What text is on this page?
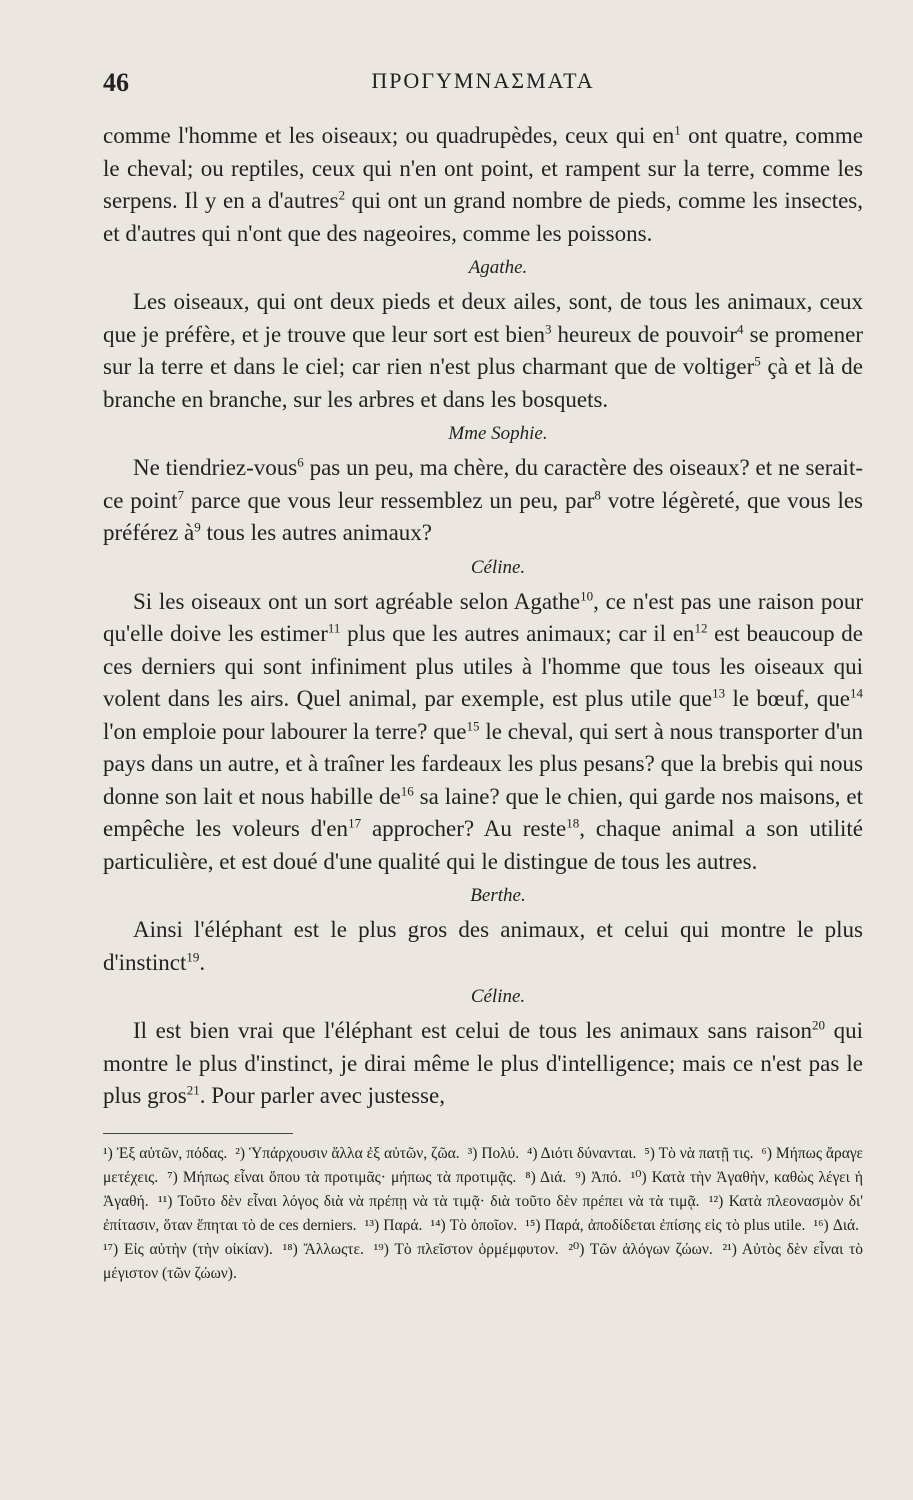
46	ΠΡΟΓΥΜΝΑΣΜΑΤΑ

comme l'homme et les oiseaux; ou quadrupèdes, ceux qui $en^1$ ont quatre, comme le cheval; ou reptiles, ceux qui n'en ont point, et rampent sur la terre, comme les serpens. Il y en a d'autres$^2$ qui ont un grand nombre de pieds, comme les insectes, et d'autres qui n'ont que des nageoires, comme les poissons.

Agathe.

Les oiseaux, qui ont deux pieds et deux ailes, sont, de tous les animaux, ceux que je préfère, et je trouve que leur sort est bien$^3$ heureux de pouvoir$^4$ se promener sur la terre et dans le ciel; car rien n'est plus charmant que de voltiger$^5$ çà et là de branche en branche, sur les arbres et dans les bosquets.

Mme Sophie.

Ne tiendriez-vous$^6$ pas un peu, ma chère, du caractère des oiseaux? et ne serait-ce point$^7$ parce que vous leur ressemblez un peu, par$^8$ votre légèreté, que vous les préférez $à^9$ tous les autres animaux?

Céline.

Si les oiseaux ont un sort agréable selon Agathe$^{10}$, ce n'est pas une raison pour qu'elle doive les estimer$^{11}$ plus que les autres animaux; car il $en^{12}$ est beaucoup de ces derniers qui sont infiniment plus utiles à l'homme que tous les oiseaux qui volent dans les airs. Quel animal, par exemple, est plus utile que$^{13}$ le bœuf, que$^{14}$ l'on emploie pour labourer la terre? que$^{15}$ le cheval, qui sert à nous transporter d'un pays dans un autre, et à traîner les fardeaux les plus pesans? que la brebis qui nous donne son lait et nous habille $de^{16}$ sa laine? que le chien, qui garde nos maisons, et empêche les voleurs $d'en^{17}$ approcher? Au reste$^{18}$, chaque animal a son utilité particulière, et est doué d'une qualité qui le distingue de tous les autres.

Berthe.

Ainsi l'éléphant est le plus gros des animaux, et celui qui montre le plus d'instinct$^{19}$.

Céline.

Il est bien vrai que l'éléphant est celui de tous les animaux sans raison$^{20}$ qui montre le plus d'instinct, je dirai même le plus d'intelligence; mais ce n'est pas le plus gros$^{21}$. Pour parler avec justesse,

¹) Ἐξ αὐτῶν, πόδας. ²) Ὑπάρχουσιν ἄλλα ἐξ αὐτῶν, ζῶα. ³) Πολύ. ⁴) Διότι δύνανται. ⁵) Τὸ νὰ πατῇ τις. ⁶) Μήπως ἄραγε μετέχεις. ⁷) Μήπως εἶναι ὅπου τὰ προτιμᾶς· μήπως τὰ προτιμᾷς. ⁸) Διά. ⁹) Ἀπό. ¹⁰) Κατὰ τὴν Ἀγαθὴν, καθὼς λέγει ἡ Ἀγαθή. ¹¹) Τοῦτο δὲν εἶναι λόγος διὰ νὰ πρέπῃ νὰ τὰ τιμᾷ· διὰ τοῦτο δὲν πρέπει νὰ τὰ τιμᾷ. ¹²) Κατὰ πλεονασμὸν δι' ἐπίτασιν, ὅταν ἕπηται τὸ de ces derniers. ¹³) Παρά. ¹⁴) Τὸ ὁποῖον. ¹⁵) Παρά, ἀποδίδεται ἐπίσης εἰς τὸ plus utile. ¹⁶) Διά. ¹⁷) Εἰς αὐτὴν (τὴν οἰκίαν). ¹⁸) Ἄλλωςτε. ¹⁹) Τὸ πλεῖστον ὁρμέμφυτον. ²⁰) Τῶν ἀλόγων ζώων. ²¹) Αὐτὸς δὲν εἶναι τὸ μέγιστον (τῶν ζώων).
